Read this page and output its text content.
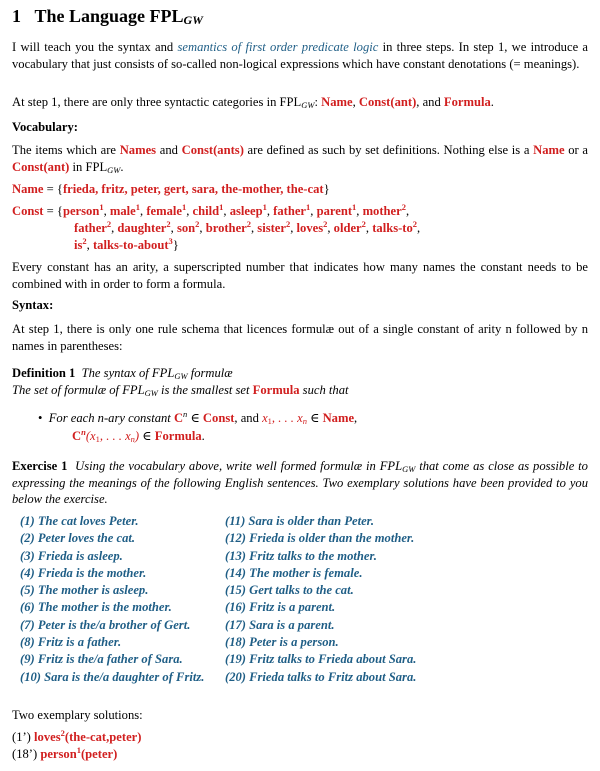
1 The Language $FPL_{GW}$

I will teach you the syntax and semantics of first order predicate logic in three steps. In step 1, we introduce a vocabulary that just consists of so-called non-logical expressions which have constant denotations (= meanings).

At step 1, there are only three syntactic categories in $FPL_{GW}$: Name, Const(ant), and Formula.

Vocabulary:

The items which are Names and Const(ants) are defined as such by set definitions. Nothing else is a Name or a Const(ant) in $FPL_{GW}$.

Name = {frieda, fritz, peter, gert, sara, the-mother, the-cat}
Const = {person$^1$, male$^1$, female$^1$, child$^1$, asleep$^1$, father$^1$, parent$^1$, mother$^2$,
father$^2$, daughter$^2$, son$^2$, brother$^2$, sister$^2$, loves$^2$, older$^2$, talks-$to^2$,
$is^2$, talks-to-about$^3$}

Every constant has an arity, a superscripted number that indicates how many names the constant needs to be combined with in order to form a formula.

Syntax:

At step 1, there is only one rule schema that licences formulæ out of a single constant of arity n followed by n names in parentheses:

Definition 1 The syntax of $FPL_{GW}$ formulæ
The set of formulæ of $FPL_{GW}$ is the smallest set Formula such that
• For each n-ary constant $C^n$ ∈ Const, and $x_1$, . . . $x_n$ ∈ Name,
$C^n(x_1$, . . . $x_n$) ∈ Formula.

Exercise 1 Using the vocabulary above, write well formed formulæ in $FPL_{GW}$ that come as close as possible to expressing the meanings of the following English sentences. Two exemplary solutions have been provided to you below the exercise.

(1) The cat loves Peter.
(2) Peter loves the cat.
(3) Frieda is asleep.
(4) Frieda is the mother.
(5) The mother is asleep.
(6) The mother is the mother.
(7) Peter is the/a brother of Gert.
(8) Fritz is a father.
(9) Fritz is the/a father of Sara.
(10) Sara is the/a daughter of Fritz.
(11) Sara is older than Peter.
(12) Frieda is older than the mother.
(13) Fritz talks to the mother.
(14) The mother is female.
(15) Gert talks to the cat.
(16) Fritz is a parent.
(17) Sara is a parent.
(18) Peter is a person.
(19) Fritz talks to Frieda about Sara.
(20) Frieda talks to Fritz about Sara.
Two exemplary solutions:
(1’) loves$^2$(the-cat,peter)
(18’) person$^1$(peter)
